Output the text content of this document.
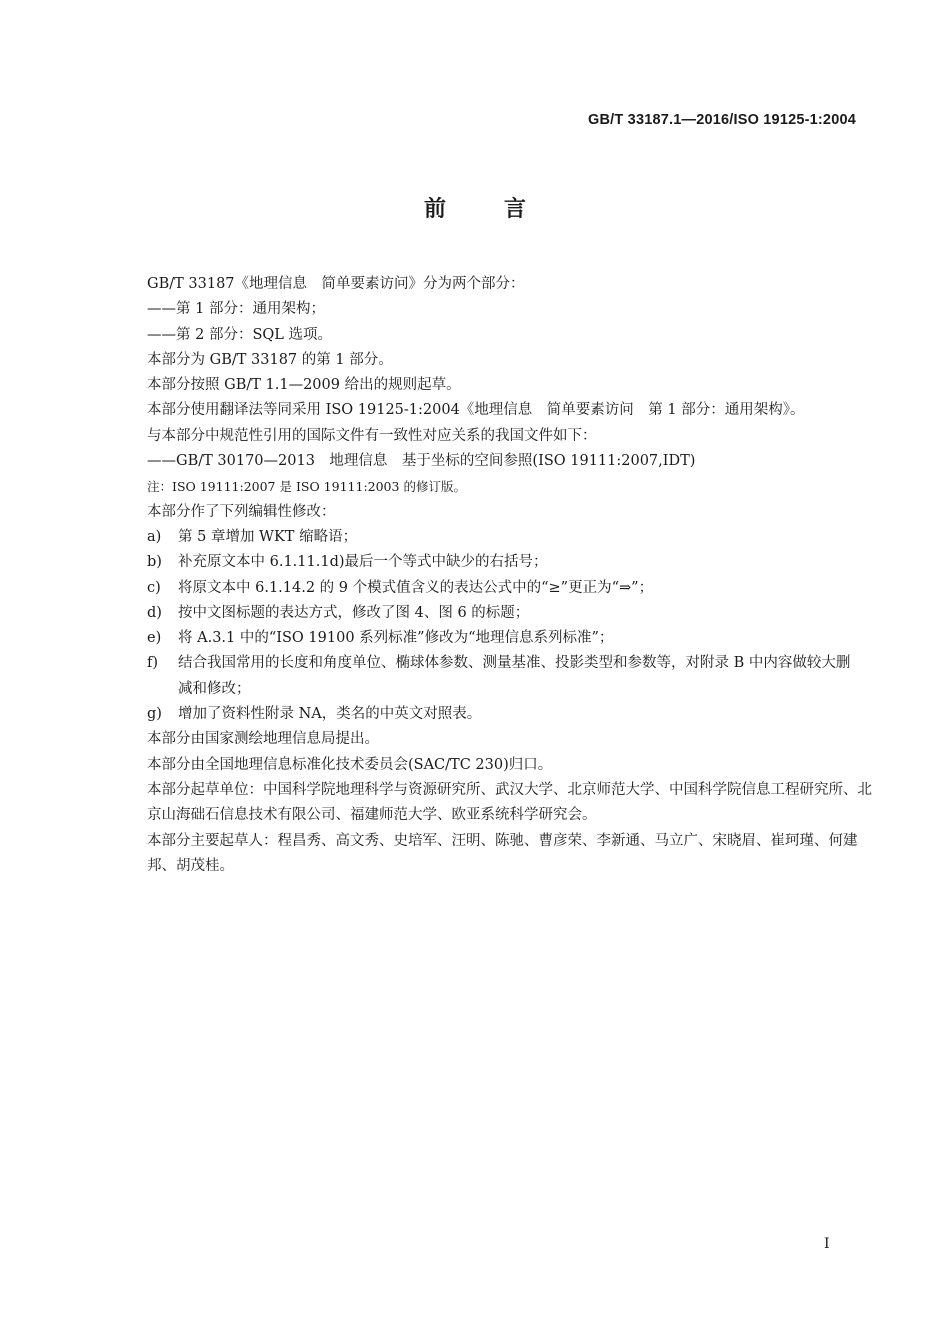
GB/T 33187.1—2016/ISO 19125-1:2004
前言

GB/T 33187《地理信息　简单要素访问》分为两个部分：

——第 1 部分：通用架构；

——第 2 部分：SQL 选项。

本部分为 GB/T 33187 的第 1 部分。

本部分按照 GB/T 1.1—2009 给出的规则起草。

本部分使用翻译法等同采用 ISO 19125-1:2004《地理信息　简单要素访问　第 1 部分：通用架构》。

与本部分中规范性引用的国际文件有一致性对应关系的我国文件如下：

——GB/T 30170—2013　地理信息　基于坐标的空间参照(ISO 19111:2007,IDT)

注：ISO 19111:2007 是 ISO 19111:2003 的修订版。

本部分作了下列编辑性修改：

a) 第 5 章增加 WKT 缩略语；

b) 补充原文本中 6.1.11.1d)最后一个等式中缺少的右括号；

c) 将原文本中 6.1.14.2 的 9 个模式值含义的表达公式中的“≥”更正为“⇒”；

d) 按中文图标题的表达方式，修改了图 4、图 6 的标题；

e) 将 A.3.1 中的“ISO 19100 系列标准”修改为“地理信息系列标准”；

f) 结合我国常用的长度和角度单位、椭球体参数、测量基准、投影类型和参数等，对附录 B 中内容做较大删减和修改；

g) 增加了资料性附录 NA，类名的中英文对照表。

本部分由国家测绘地理信息局提出。

本部分由全国地理信息标准化技术委员会(SAC/TC 230)归口。

本部分起草单位：中国科学院地理科学与资源研究所、武汉大学、北京师范大学、中国科学院信息工程研究所、北京山海础石信息技术有限公司、福建师范大学、欧亚系统科学研究会。

本部分主要起草人：程昌秀、高文秀、史培军、汪明、陈驰、曹彦荣、李新通、马立广、宋晓眉、崔珂瑾、何建邦、胡茂桂。

I
